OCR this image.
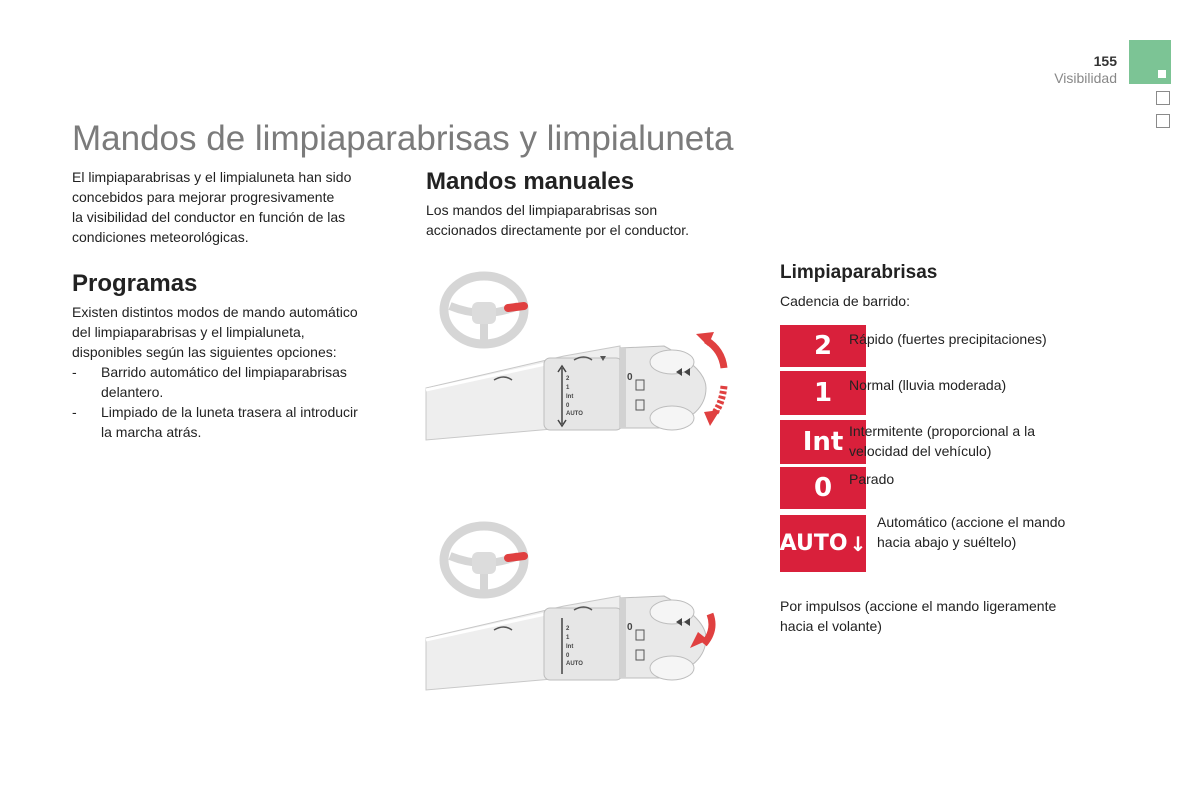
155
Visibilidad
Mandos de limpiaparabrisas y limpialuneta

El limpiaparabrisas y el limpialuneta han sido

concebidos para mejorar progresivamente

la visibilidad del conductor en función de las

condiciones meteorológicas.

Programas

Existen distintos modos de mando automático

del limpiaparabrisas y el limpialuneta,

disponibles según las siguientes opciones:

- Barrido automático del limpiaparabrisas
delantero.
- Limpiado de la luneta trasera al introducir
la marcha atrás.
Mandos manuales

Los mandos del limpiaparabrisas son

accionados directamente por el conductor.

2
1
Int
0
AUTO
0
2
1
Int
0
AUTO
0
Limpiaparabrisas
Cadencia de barrido:
2 Rápido (fuertes precipitaciones)
1 Normal (lluvia moderada)
Int Intermitente (proporcional a la
velocidad del vehículo)
0 Parado
AUTO ↓
Automático (accione el mando
hacia abajo y suéltelo)
Por impulsos (accione el mando ligeramente
hacia el volante)
